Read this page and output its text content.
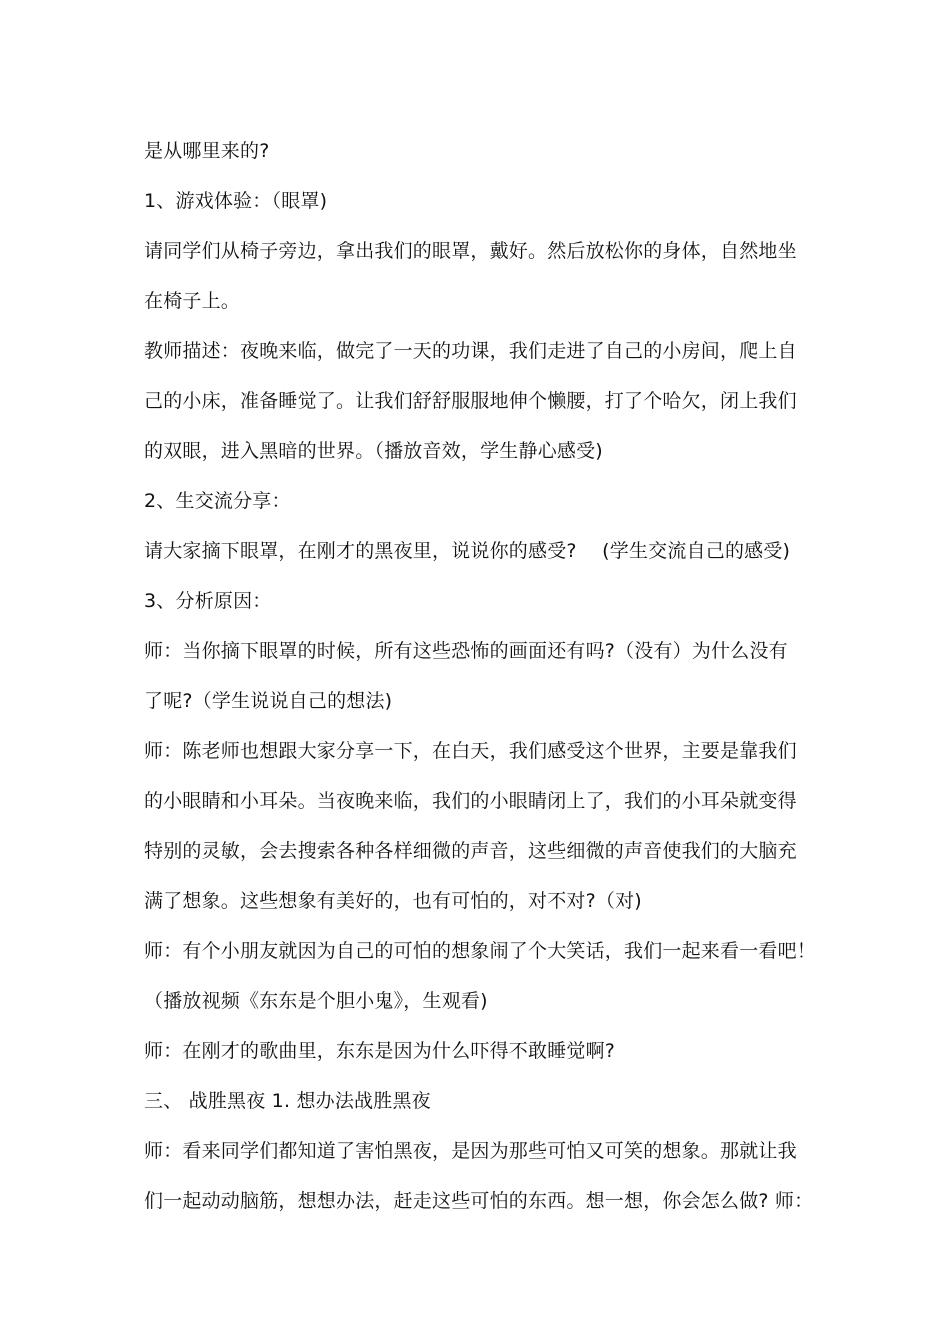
是从哪里来的?
1、游戏体验：（眼罩)
请同学们从椅子旁边，拿出我们的眼罩，戴好。然后放松你的身体，自然地坐
在椅子上。
教师描述：夜晚来临，做完了一天的功课，我们走进了自己的小房间，爬上自
己的小床，准备睡觉了。让我们舒舒服服地伸个懒腰，打了个哈欠，闭上我们
的双眼，进入黑暗的世界。（播放音效，学生静心感受)
2、生交流分享：
请大家摘下眼罩，在刚才的黑夜里，说说你的感受?　 (学生交流自己的感受)
3、分析原因：
师：当你摘下眼罩的时候，所有这些恐怖的画面还有吗?（没有）为什么没有
了呢?（学生说说自己的想法)
师：陈老师也想跟大家分享一下，在白天，我们感受这个世界，主要是靠我们
的小眼睛和小耳朵。当夜晚来临，我们的小眼睛闭上了，我们的小耳朵就变得
特别的灵敏，会去搜索各种各样细微的声音，这些细微的声音使我们的大脑充
满了想象。这些想象有美好的，也有可怕的，对不对?（对)
师：有个小朋友就因为自己的可怕的想象闹了个大笑话，我们一起来看一看吧！
（播放视频《东东是个胆小鬼》，生观看)
师：在刚才的歌曲里，东东是因为什么吓得不敢睡觉啊?
三、 战胜黑夜 1. 想办法战胜黑夜
师：看来同学们都知道了害怕黑夜，是因为那些可怕又可笑的想象。那就让我
们一起动动脑筋，想想办法，赶走这些可怕的东西。想一想，你会怎么做? 师：
